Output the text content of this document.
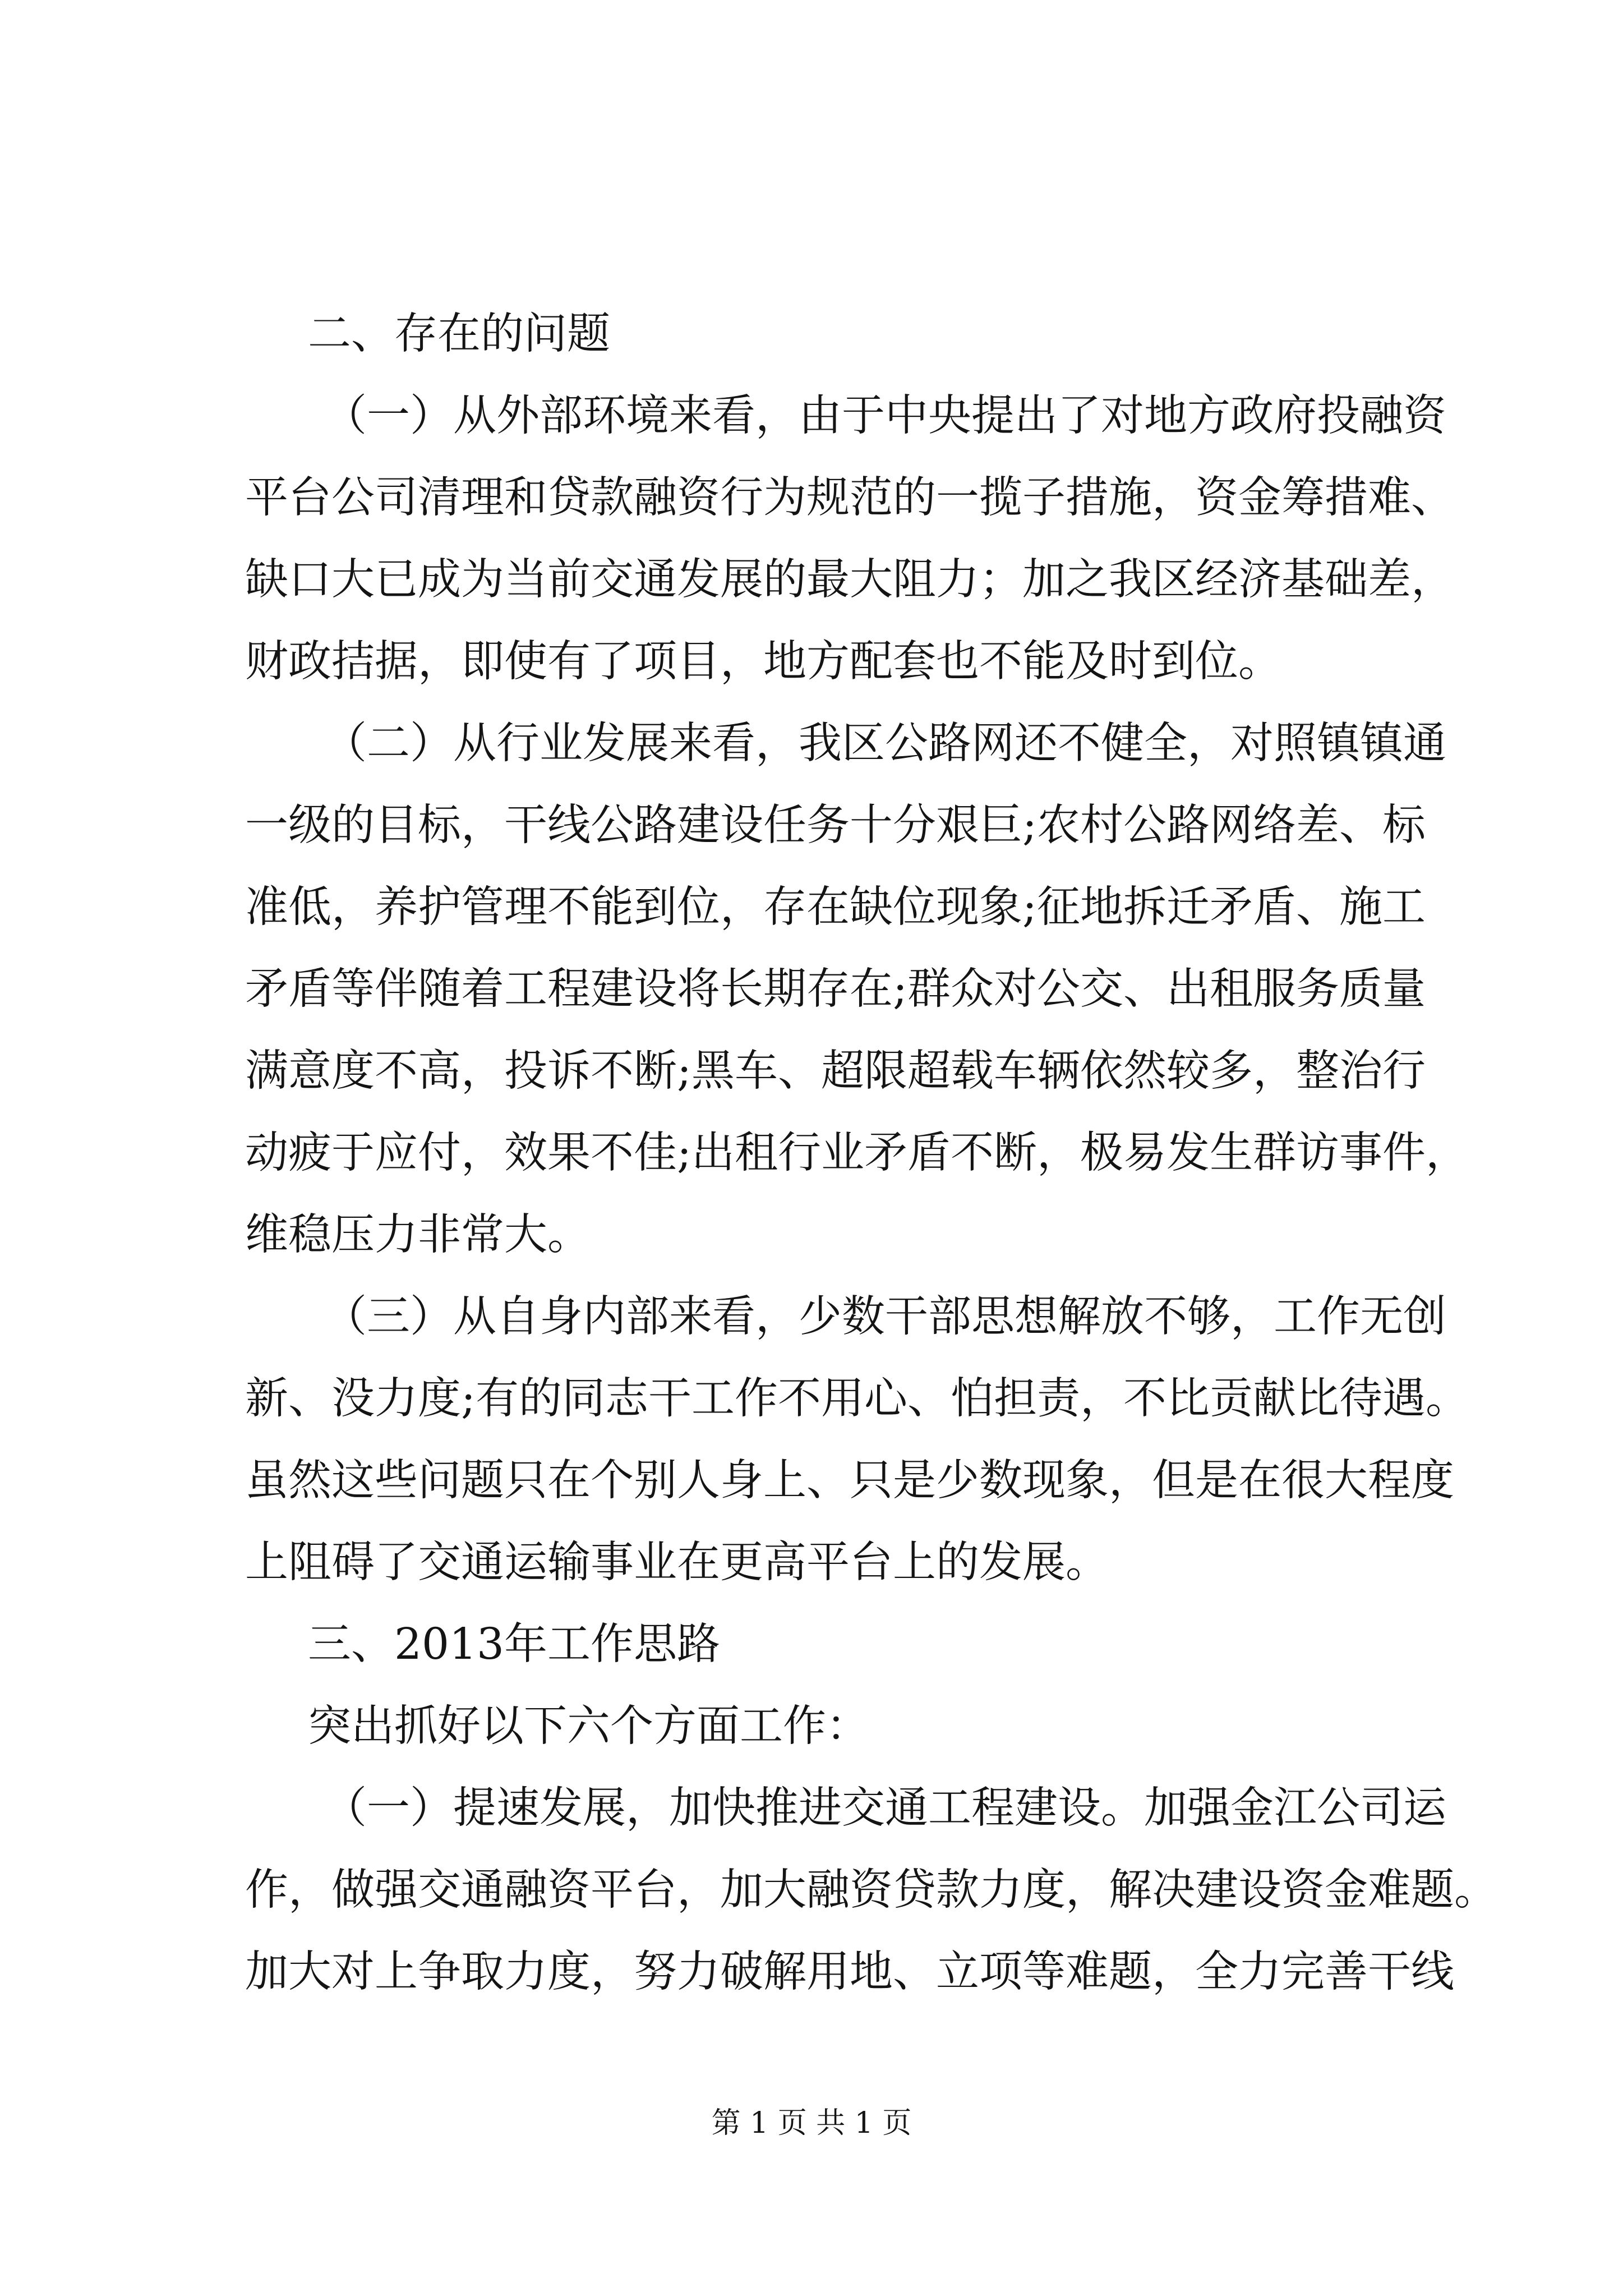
二、存在的问题
（一）从外部环境来看，由于中央提出了对地方政府投融资
平台公司清理和贷款融资行为规范的一揽子措施，资金筹措难、
缺口大已成为当前交通发展的最大阻力；加之我区经济基础差，
财政拮据，即使有了项目，地方配套也不能及时到位。
（二）从行业发展来看，我区公路网还不健全，对照镇镇通
一级的目标，干线公路建设任务十分艰巨;农村公路网络差、标
准低，养护管理不能到位，存在缺位现象;征地拆迁矛盾、施工
矛盾等伴随着工程建设将长期存在;群众对公交、出租服务质量
满意度不高，投诉不断;黑车、超限超载车辆依然较多，整治行
动疲于应付，效果不佳;出租行业矛盾不断，极易发生群访事件，
维稳压力非常大。
（三）从自身内部来看，少数干部思想解放不够，工作无创
新、没力度;有的同志干工作不用心、怕担责，不比贡献比待遇。
虽然这些问题只在个别人身上、只是少数现象，但是在很大程度
上阻碍了交通运输事业在更高平台上的发展。
三、2013年工作思路
突出抓好以下六个方面工作：
（一）提速发展，加快推进交通工程建设。加强金江公司运
作，做强交通融资平台，加大融资贷款力度，解决建设资金难题。
加大对上争取力度，努力破解用地、立项等难题，全力完善干线
第 1 页 共 1 页
